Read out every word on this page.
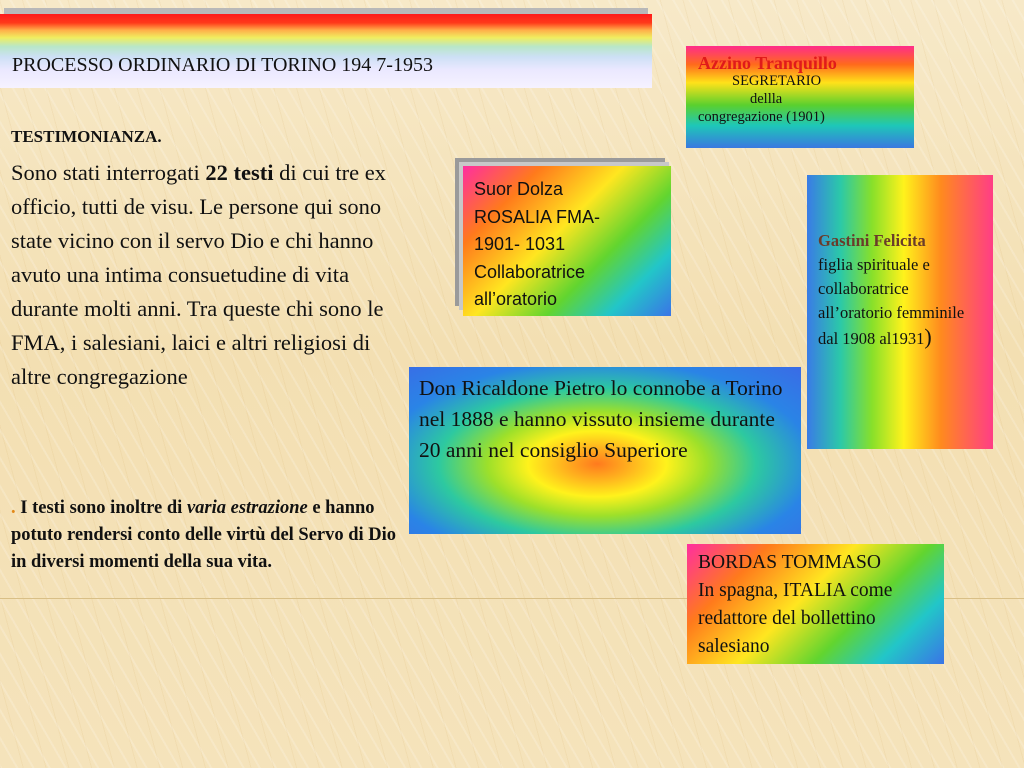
PROCESSO ORDINARIO DI TORINO 194 7-1953
TESTIMONIANZA.
Sono stati interrogati 22 testi di cui tre ex officio, tutti de visu. Le persone qui sono state vicino con il servo Dio e chi hanno avuto una intima consuetudine di vita durante molti anni. Tra queste chi sono le FMA, i salesiani, laici e altri religiosi di altre congregazione
. I testi sono inoltre di varia estrazione e hanno potuto rendersi conto delle virtù del Servo di Dio in diversi momenti della sua vita.
Azzino Tranquillo
SEGRETARIO
dellla
congregazione (1901)
Suor Dolza
ROSALIA FMA-
1901- 1031
Collaboratrice
all’oratorio
Gastini Felicita
figlia spirituale e collaboratrice all’oratorio femminile dal 1908 al1931)
Don Ricaldone Pietro lo connobe a Torino nel 1888 e hanno vissuto insieme durante 20 anni nel consiglio Superiore
BORDAS TOMMASO
In spagna, ITALIA come redattore del bollettino salesiano
